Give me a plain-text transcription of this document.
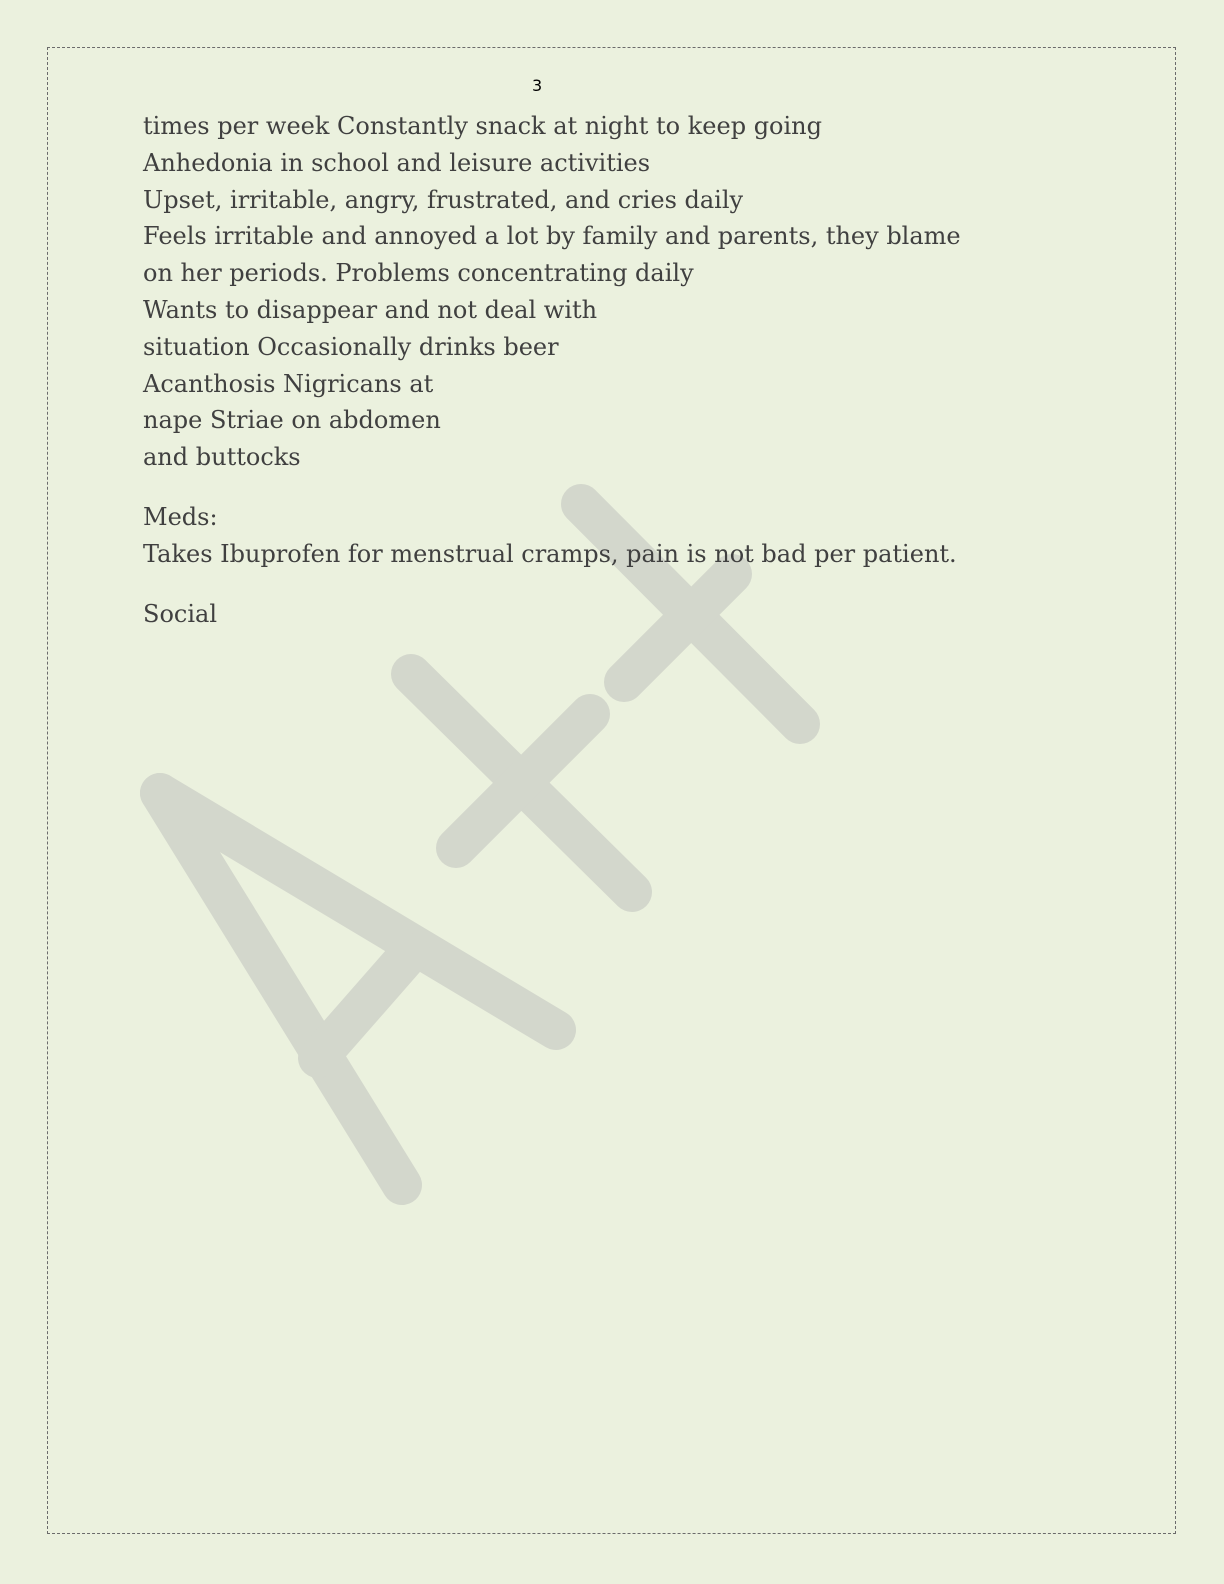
3
times per week Constantly snack at night to keep going
Anhedonia in school and leisure activities
Upset, irritable, angry, frustrated, and cries daily
Feels irritable and annoyed a lot by family and parents, they blame
on her periods. Problems concentrating daily
Wants to disappear and not deal with
situation Occasionally drinks beer
Acanthosis Nigricans at
nape Striae on abdomen
and buttocks
Meds:
Takes Ibuprofen for menstrual cramps, pain is not bad per patient.
Social
